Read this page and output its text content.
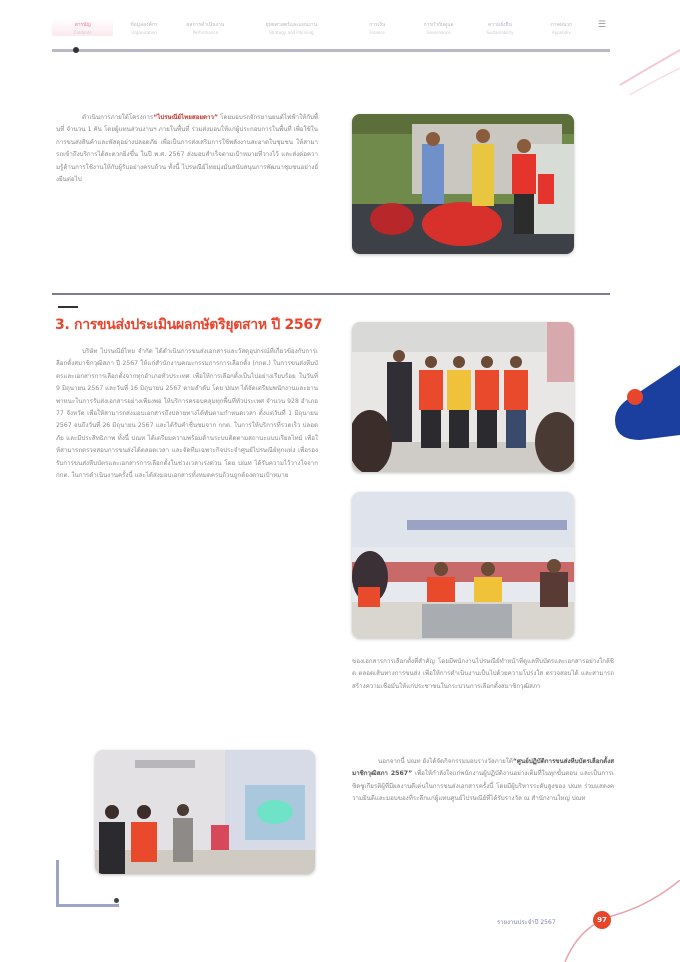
สารบัญ
Contents
ข้อมูลองค์กร
Organization
ผลการดำเนินงาน
Performance
ยุทธศาสตร์และแผนงาน
Strategy and Planning
การเงิน
Finance
การกำกับดูแล
Governance
ความยั่งยืน
Sustainability
ภาคผนวก
Appendix
☰
ดำเนินการภายใต้โครงการ“ไปรษณีย์ไทยสอยดาว” โดยมอบรถจักรยานยนต์ไฟฟ้าให้กับพื้นที่ จำนวน 1 คัน โดยผู้แทนส่วนงานฯ ภายในพื้นที่ ร่วมส่งมอบให้แก่ผู้ประกอบการในพื้นที่ เพื่อใช้ในการขนส่งสินค้าและพัสดุอย่างปลอดภัย เพื่อเป็นการส่งเสริมการใช้พลังงานสะอาดในชุมชน ให้สามารถเข้าถึงบริการได้สะดวกยิ่งขึ้น ในปี พ.ศ. 2567 ส่งมอบสำเร็จตามเป้าหมายที่วางไว้ และส่งต่อความรู้ด้านการใช้งานให้กับผู้รับอย่างครบถ้วน ทั้งนี้ ไปรษณีย์ไทยมุ่งมั่นสนับสนุนการพัฒนาชุมชนอย่างยั่งยืนต่อไป
3. การขนส่งประเมินผลกษัตริยุตสาห ปี 2567
บริษัท ไปรษณีย์ไทย จำกัด ได้ดำเนินการขนส่งเอกสารและวัสดุอุปกรณ์ที่เกี่ยวข้องกับการเลือกตั้งสมาชิกวุฒิสภา ปี 2567 ให้แก่สำนักงานคณะกรรมการการเลือกตั้ง (กกต.) ในการขนส่งหีบบัตรและเอกสารการเลือกตั้งจากทุกอำเภอทั่วประเทศ เพื่อให้การเลือกตั้งเป็นไปอย่างเรียบร้อย ในวันที่ 9 มิถุนายน 2567 และวันที่ 16 มิถุนายน 2567 ตามลำดับ โดย ปณท ได้จัดเตรียมพนักงานและยานพาหนะในการรับส่งเอกสารอย่างเพียงพอ ให้บริการครอบคลุมทุกพื้นที่ทั่วประเทศ จำนวน 928 อำเภอ 77 จังหวัด เพื่อให้สามารถส่งมอบเอกสารถึงปลายทางได้ทันตามกำหนดเวลา ตั้งแต่วันที่ 1 มิถุนายน 2567 จนถึงวันที่ 26 มิถุนายน 2567 และได้รับคำชื่นชมจาก กกต. ในการให้บริการที่รวดเร็ว ปลอดภัย และมีประสิทธิภาพ ทั้งนี้ ปณท ได้เตรียมความพร้อมด้านระบบติดตามสถานะแบบเรียลไทม์ เพื่อให้สามารถตรวจสอบการขนส่งได้ตลอดเวลา และจัดทีมเฉพาะกิจประจำศูนย์ไปรษณีย์ทุกแห่ง เพื่อรองรับการขนส่งหีบบัตรและเอกสารการเลือกตั้งในช่วงเวลาเร่งด่วน โดย ปณท ได้รับความไว้วางใจจาก กกต. ในการดำเนินงานครั้งนี้ และได้ส่งมอบเอกสารทั้งหมดครบถ้วนถูกต้องตามเป้าหมาย
ของเอกสารการเลือกตั้งที่สำคัญ โดยมีพนักงานไปรษณีย์ทำหน้าที่ดูแลหีบบัตรและเอกสารอย่างใกล้ชิด ตลอดเส้นทางการขนส่ง เพื่อให้การดำเนินงานเป็นไปด้วยความโปร่งใส ตรวจสอบได้ และสามารถสร้างความเชื่อมั่นให้แก่ประชาชนในกระบวนการเลือกตั้งสมาชิกวุฒิสภา
นอกจากนี้ ปณท ยังได้จัดกิจกรรมมอบรางวัลภายใต้“ศูนย์ปฏิบัติการขนส่งหีบบัตรเลือกตั้งสมาชิกวุฒิสภา 2567” เพื่อให้กำลังใจแก่พนักงานผู้ปฏิบัติงานอย่างเต็มที่ในทุกขั้นตอน และเป็นการเชิดชูเกียรติผู้ที่มีผลงานดีเด่นในการขนส่งเอกสารครั้งนี้ โดยมีผู้บริหารระดับสูงของ ปณท ร่วมแสดงความยินดีและมอบของที่ระลึกแก่ผู้แทนศูนย์ไปรษณีย์ที่ได้รับรางวัล ณ สำนักงานใหญ่ ปณท
รายงานประจำปี 2567	97
